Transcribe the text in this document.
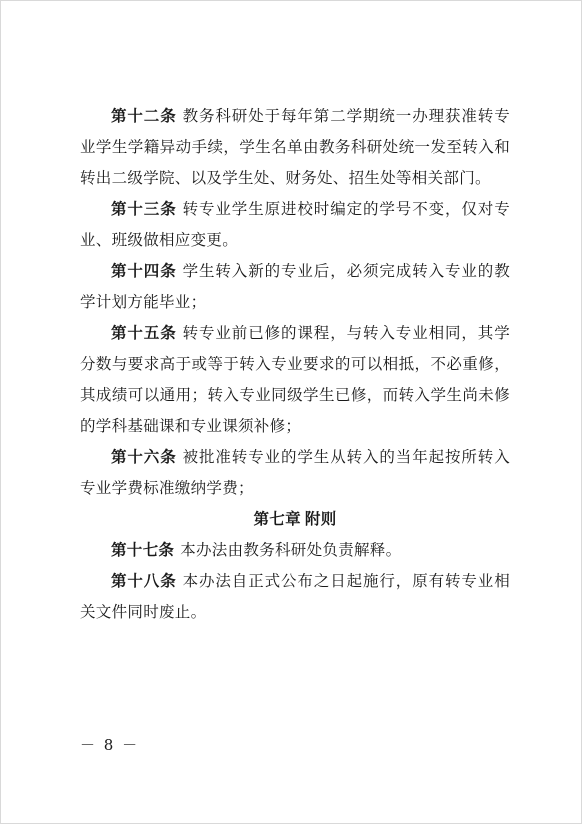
第十二条 教务科研处于每年第二学期统一办理获准转专业学生学籍异动手续，学生名单由教务科研处统一发至转入和转出二级学院、以及学生处、财务处、招生处等相关部门。

第十三条 转专业学生原进校时编定的学号不变，仅对专业、班级做相应变更。

第十四条 学生转入新的专业后，必须完成转入专业的教学计划方能毕业；

第十五条 转专业前已修的课程，与转入专业相同，其学分数与要求高于或等于转入专业要求的可以相抵，不必重修，其成绩可以通用；转入专业同级学生已修，而转入学生尚未修的学科基础课和专业课须补修；

第十六条 被批准转专业的学生从转入的当年起按所转入专业学费标准缴纳学费；

第七章 附则

第十七条 本办法由教务科研处负责解释。

第十八条 本办法自正式公布之日起施行，原有转专业相关文件同时废止。

－ 8 －
